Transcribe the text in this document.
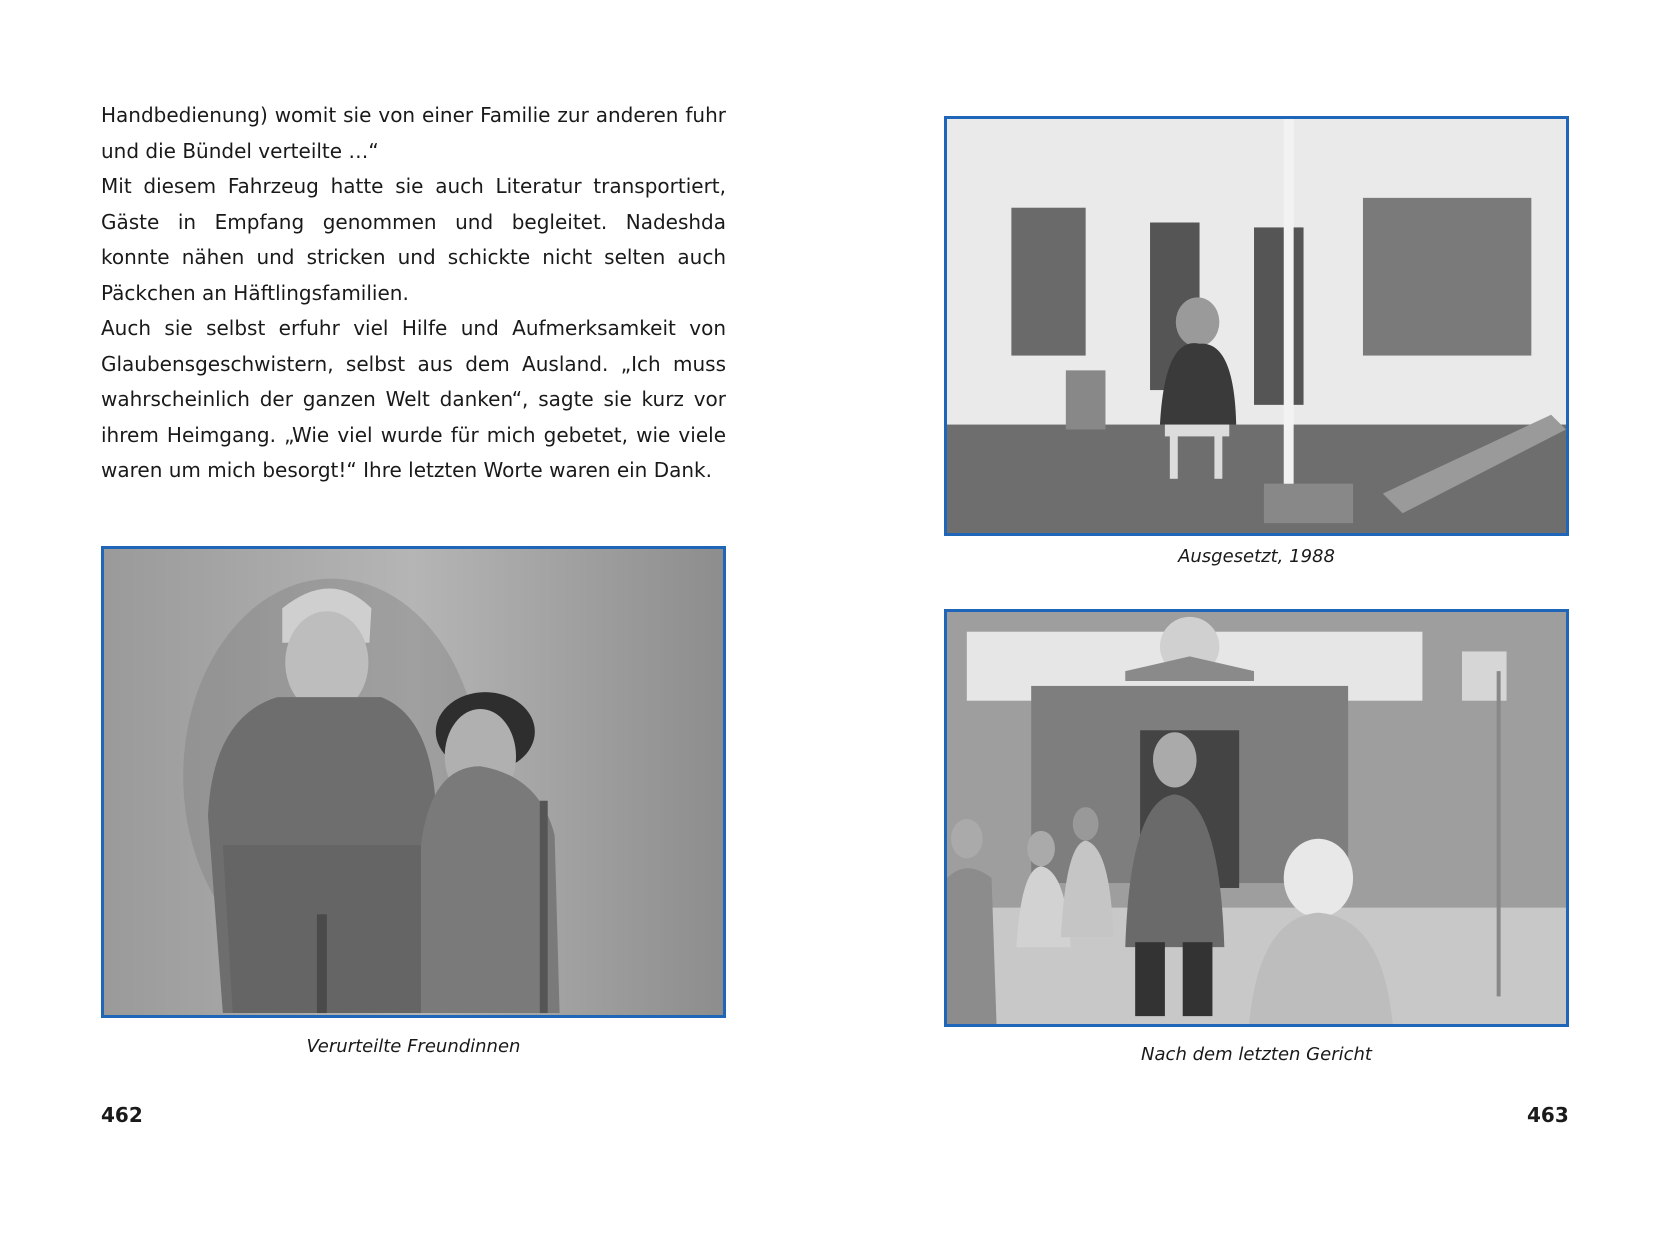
Handbedienung) womit sie von einer Familie zur anderen fuhr und die Bündel verteilte …“

Mit diesem Fahrzeug hatte sie auch Literatur transportiert, Gäste in Empfang genommen und begleitet. Nadeshda konnte nähen und stricken und schickte nicht selten auch Päckchen an Häftlingsfamilien.

Auch sie selbst erfuhr viel Hilfe und Aufmerksamkeit von Glaubensgeschwistern, selbst aus dem Ausland. „Ich muss wahrscheinlich der ganzen Welt danken“, sagte sie kurz vor ihrem Heimgang. „Wie viel wurde für mich gebetet, wie viele waren um mich besorgt!“ Ihre letzten Worte waren ein Dank.

Verurteilte Freundinnen
462
Ausgesetzt, 1988
Nach dem letzten Gericht
463
